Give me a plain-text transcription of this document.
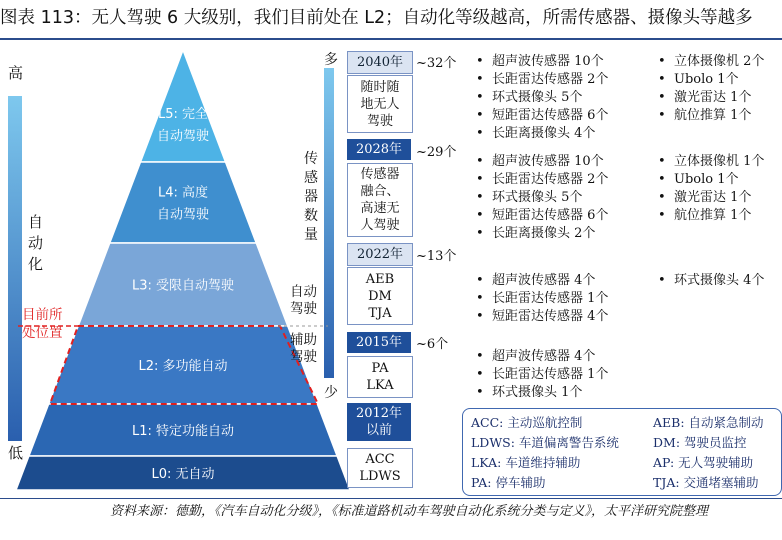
图表 113：无人驾驶 6 大级别，我们目前处在 L2；自动化等级越高，所需传感器、摄像头等越多
L5: 完全
自动驾驶
L4: 高度
自动驾驶
L3: 受限自动驾驶
L2: 多功能自动
L1: 特定功能自动
L0: 无自动
高
自
动
化
低
目前所
处位置
自动
驾驶
辅助
驾驶
多
传
感
器
数
量
少
2040年
随时随
地无人
驾驶
~32个
•	超声波传感器 10个
• 长距雷达传感器 2个
• 环式摄像头 5个
• 短距雷达传感器 6个
• 长距离摄像头 4个
• 立体摄像机 2个
• Ubolo 1个
• 激光雷达 1个
• 航位推算 1个
2028年
传感器
融合、
高速无
人驾驶
~29个
• 超声波传感器 10个
• 长距雷达传感器 2个
• 环式摄像头 5个
• 短距雷达传感器 6个
• 长距离摄像头 2个
• 立体摄像机 1个
• Ubolo 1个
• 激光雷达 1个
• 航位推算 1个
2022年
AEB
DM
TJA
~13个
• 超声波传感器 4个
• 长距雷达传感器 1个
• 短距雷达传感器 4个
• 环式摄像头 4个
2015年
PA
LKA
~6个
• 超声波传感器 4个
• 长距雷达传感器 1个
• 环式摄像头 1个
2012年
以前
ACC
LDWS
ACC: 主动巡航控制
LDWS: 车道偏离警告系统
LKA: 车道维持辅助
PA: 停车辅助
AEB: 自动紧急制动
DM: 驾驶员监控
AP: 无人驾驶辅助
TJA: 交通堵塞辅助
资料来源：德勤，《汽车自动化分级》，《标准道路机动车驾驶自动化系统分类与定义》，太平洋研究院整理
